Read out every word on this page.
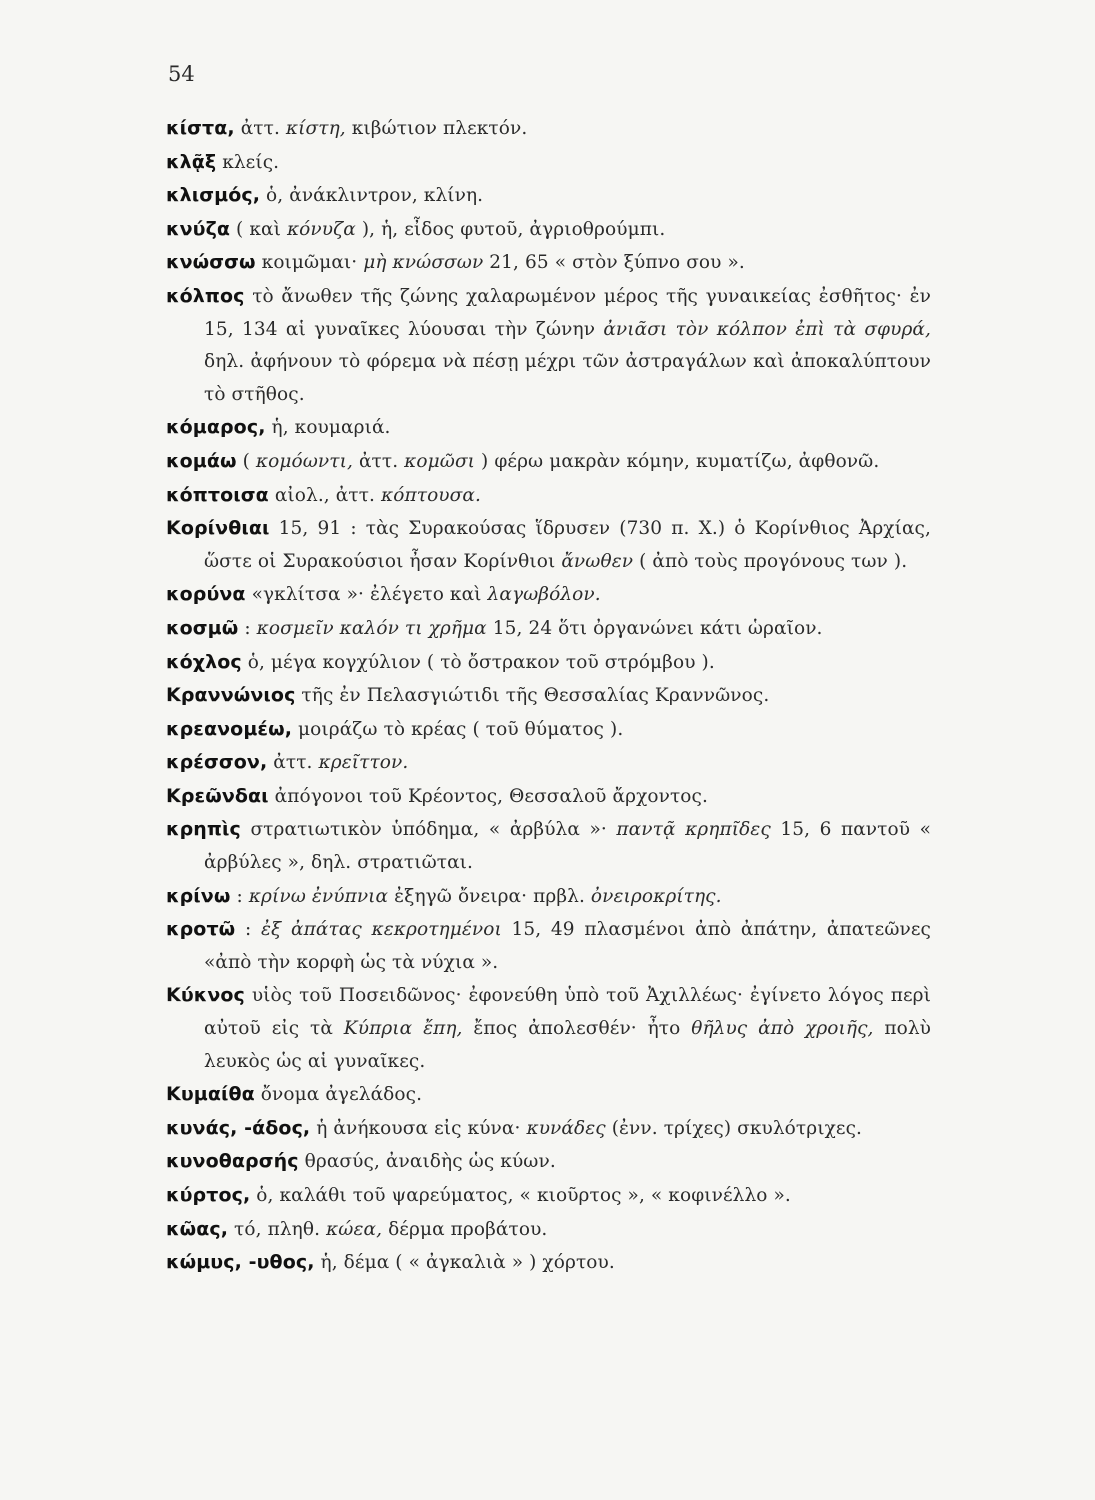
54

κίστα, ἀττ. κίστη, κιβώτιον πλεκτόν.

κλᾷξ κλείς.

κλισμός, ὁ, ἀνάκλιντρον, κλίνη.

κνύζα ( καὶ κόνυζα ), ἡ, εἶδος φυτοῦ, ἀγριοθρούμπι.

κνώσσω κοιμῶμαι· μὴ κνώσσων 21, 65 « στὸν ξύπνο σου ».

κόλπος τὸ ἄνωθεν τῆς ζώνης χαλαρωμένον μέρος τῆς γυναικείας ἐσθῆτος· ἐν 15, 134 αἱ γυναῖκες λύουσαι τὴν ζώνην ἀνιᾶσι τὸν κόλπον ἐπὶ τὰ σφυρά, δηλ. ἀφήνουν τὸ φόρεμα νὰ πέσῃ μέχρι τῶν ἀστραγάλων καὶ ἀποκαλύπτουν τὸ στῆθος.

κόμαρος, ἡ, κουμαριά.

κομάω ( κομόωντι, ἀττ. κομῶσι ) φέρω μακρὰν κόμην, κυματίζω, ἀφθονῶ.

κόπτοισα αἰολ., ἀττ. κόπτουσα.

Κορίνθιαι 15, 91 : τὰς Συρακούσας ἵδρυσεν (730 π. Χ.) ὁ Κορίνθιος Ἀρχίας, ὥστε οἱ Συρακούσιοι ἦσαν Κορίνθιοι ἄνωθεν ( ἀπὸ τοὺς προγόνους των ).

κορύνα «γκλίτσα »· ἐλέγετο καὶ λαγωβόλον.

κοσμῶ : κοσμεῖν καλόν τι χρῆμα 15, 24 ὅτι ὀργανώνει κάτι ὡραῖον.

κόχλος ὁ, μέγα κογχύλιον ( τὸ ὄστρακον τοῦ στρόμβου ).

Κραννώνιος τῆς ἐν Πελασγιώτιδι τῆς Θεσσαλίας Κραννῶνος.

κρεανομέω, μοιράζω τὸ κρέας ( τοῦ θύματος ).

κρέσσον, ἀττ. κρεῖττον.

Κρεῶνδαι ἀπόγονοι τοῦ Κρέοντος, Θεσσαλοῦ ἄρχοντος.

κρηπὶς στρατιωτικὸν ὑπόδημα, « ἀρβύλα »· παντᾷ κρηπῖδες 15, 6 παντοῦ « ἀρβύλες », δηλ. στρατιῶται.

κρίνω : κρίνω ἐνύπνια ἐξηγῶ ὄνειρα· πρβλ. ὀνειροκρίτης.

κροτῶ : ἐξ ἀπάτας κεκροτημένοι 15, 49 πλασμένοι ἀπὸ ἀπάτην, ἀπατεῶνες «ἀπὸ τὴν κορφὴ ὡς τὰ νύχια ».

Κύκνος υἱὸς τοῦ Ποσειδῶνος· ἐφονεύθη ὑπὸ τοῦ Ἀχιλλέως· ἐγίνετο λόγος περὶ αὐτοῦ εἰς τὰ Κύπρια ἔπη, ἔπος ἀπολεσθέν· ἦτο θῆλυς ἀπὸ χροιῆς, πολὺ λευκὸς ὡς αἱ γυναῖκες.

Κυμαίθα ὄνομα ἀγελάδος.

κυνάς, -άδος, ἡ ἀνήκουσα εἰς κύνα· κυνάδες (ἐνν. τρίχες) σκυλότριχες.

κυνοθαρσής θρασύς, ἀναιδὴς ὡς κύων.

κύρτος, ὁ, καλάθι τοῦ ψαρεύματος, « κιοῦρτος », « κοφινέλλο ».

κῶας, τό, πληθ. κώεα, δέρμα προβάτου.

κώμυς, -υθος, ἡ, δέμα ( « ἀγκαλιὰ » ) χόρτου.
